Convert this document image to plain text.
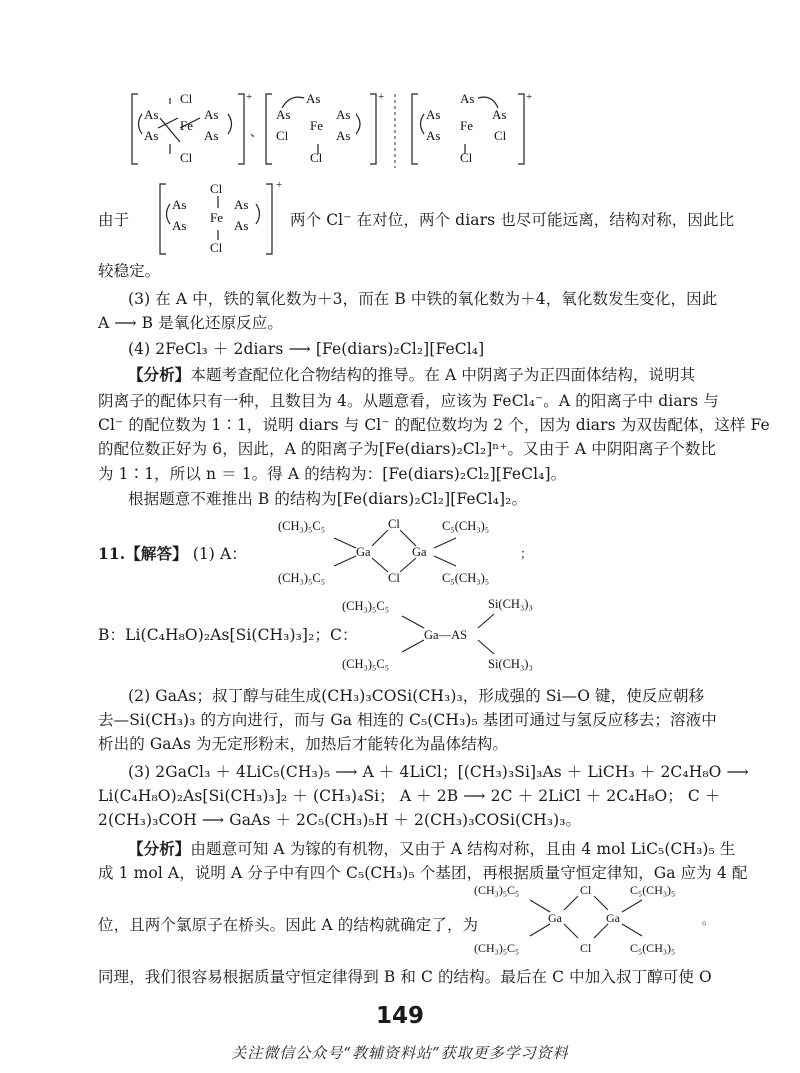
Cl
As
As
Fe
As
As
Cl
+
、
As
As
Cl
Fe
As
As
Cl
+	As
As
As
Fe
As
Cl
Cl
+
由于
Cl
As
As
Fe
As
As
Cl
+
两个 Cl⁻ 在对位，两个 diars 也尽可能远离，结构对称，因此比
较稳定。
(3) 在 A 中，铁的氧化数为＋3，而在 B 中铁的氧化数为＋4，氧化数发生变化，因此
A ⟶ B 是氧化还原反应。
(4) 2FeCl₃ ＋ 2diars ⟶ [Fe(diars)₂Cl₂][FeCl₄]
【分析】本题考查配位化合物结构的推导。在 A 中阴离子为正四面体结构，说明其
阴离子的配体只有一种，且数目为 4。从题意看，应该为 FeCl₄⁻。A 的阳离子中 diars 与
Cl⁻ 的配位数为 1∶1，说明 diars 与 Cl⁻ 的配位数均为 2 个，因为 diars 为双齿配体，这样 Fe
的配位数正好为 6，因此，A 的阳离子为[Fe(diars)₂Cl₂]ⁿ⁺。又由于 A 中阴阳离子个数比
为 1∶1，所以 n ＝ 1。得 A 的结构为：[Fe(diars)₂Cl₂][FeCl₄]。
根据题意不难推出 B 的结构为[Fe(diars)₂Cl₂][FeCl₄]₂。
11.【解答】 (1) A：
(CH₃)₅C₅	Cl	C₅(CH₃)₅
Ga	Ga
(CH₃)₅C₅	Cl	C₅(CH₃)₅
；
B：Li(C₄H₈O)₂As[Si(CH₃)₃]₂；C：
(CH₃)₅C₅	Si(CH₃)₃
Ga—AS
(CH₃)₅C₅	Si(CH₃)₃
(2) GaAs；叔丁醇与硅生成(CH₃)₃COSi(CH₃)₃，形成强的 Si—O 键，使反应朝移
去—Si(CH₃)₃ 的方向进行，而与 Ga 相连的 C₅(CH₃)₅ 基团可通过与氢反应移去；溶液中
析出的 GaAs 为无定形粉末，加热后才能转化为晶体结构。
(3) 2GaCl₃ ＋ 4LiC₅(CH₃)₅ ⟶ A ＋ 4LiCl；[(CH₃)₃Si]₃As ＋ LiCH₃ ＋ 2C₄H₈O ⟶
Li(C₄H₈O)₂As[Si(CH₃)₃]₂ ＋ (CH₃)₄Si； A ＋ 2B ⟶ 2C ＋ 2LiCl ＋ 2C₄H₈O； C ＋
2(CH₃)₃COH ⟶ GaAs ＋ 2C₅(CH₃)₅H ＋ 2(CH₃)₃COSi(CH₃)₃。
【分析】由题意可知 A 为镓的有机物，又由于 A 结构对称，且由 4 mol LiC₅(CH₃)₅ 生
成 1 mol A，说明 A 分子中有四个 C₅(CH₃)₅ 个基团，再根据质量守恒定律知，Ga 应为 4 配
位，且两个氯原子在桥头。因此 A 的结构就确定了，为
(CH₃)₅C₅	Cl	C₅(CH₃)₅
Ga	Ga
(CH₃)₅C₅	Cl	C₅(CH₃)₅
。
同理，我们很容易根据质量守恒定律得到 B 和 C 的结构。最后在 C 中加入叔丁醇可使 O
149
关注微信公众号“教辅资料站”获取更多学习资料
